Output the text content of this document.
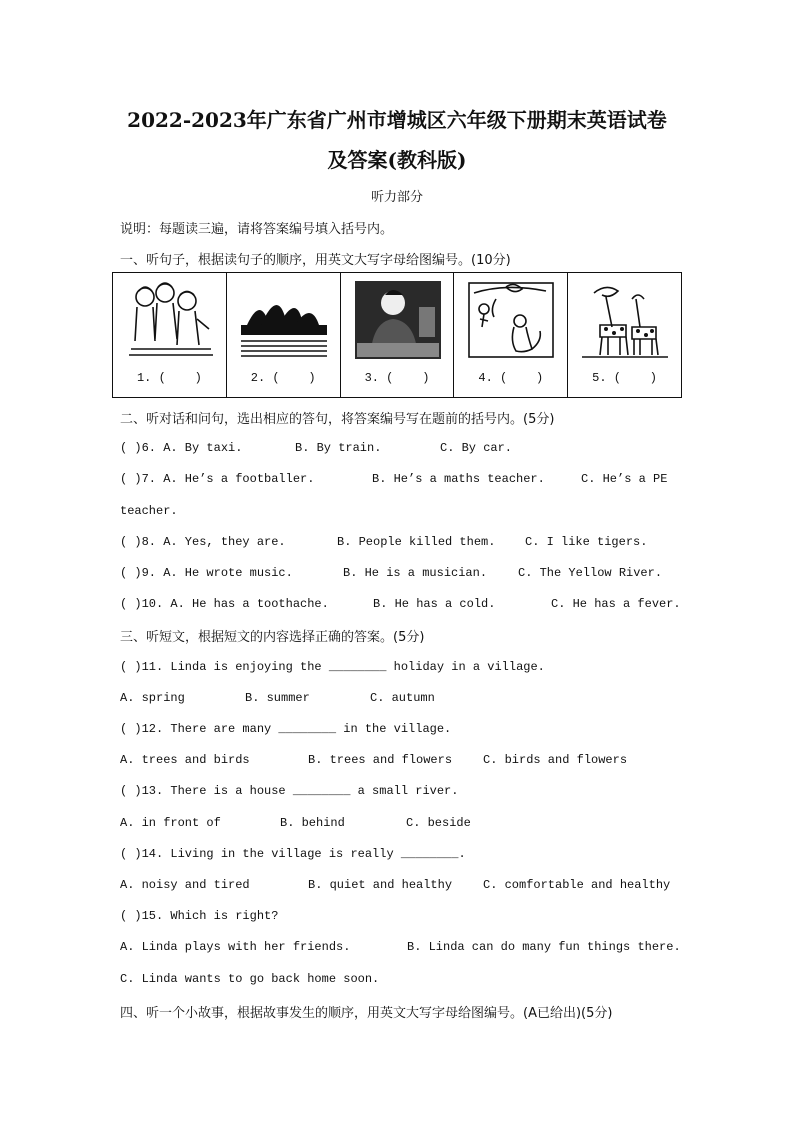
2022-2023年广东省广州市增城区六年级下册期末英语试卷
及答案(教科版)
听力部分
说明：每题读三遍，请将答案编号填入括号内。
一、听句子，根据读句子的顺序，用英文大写字母给图编号。(10分)
1. (    )	2. (    )	3. (    )	4. (    )	5. (    )
二、听对话和问句，选出相应的答句，将答案编号写在题前的括号内。(5分)
( )6. A. By taxi.	B. By train.	C. By car.
( )7. A. He’s a footballer.	B. He’s a maths teacher.	C. He’s a PE
teacher.
( )8. A. Yes, they are.	B. People killed them. C. I like tigers.
( )9. A. He wrote music.	B. He is a musician.	C. The Yellow River.
( )10. A. He has a toothache.	B. He has a cold.	C. He has a fever.
三、听短文，根据短文的内容选择正确的答案。(5分)
( )11. Linda is enjoying the ________ holiday in a village.
A. spring	B. summer	C. autumn
( )12. There are many ________ in the village.
A. trees and birds	B. trees and flowers	C. birds and flowers
( )13. There is a house ________ a small river.
A. in front of	B. behind	C. beside
( )14. Living in the village is really ________.
A. noisy and tired	B. quiet and healthy	C. comfortable and healthy
( )15. Which is right?
A. Linda plays with her friends.	B. Linda can do many fun things there.
C. Linda wants to go back home soon.
四、听一个小故事，根据故事发生的顺序，用英文大写字母给图编号。(A已给出)(5分)
